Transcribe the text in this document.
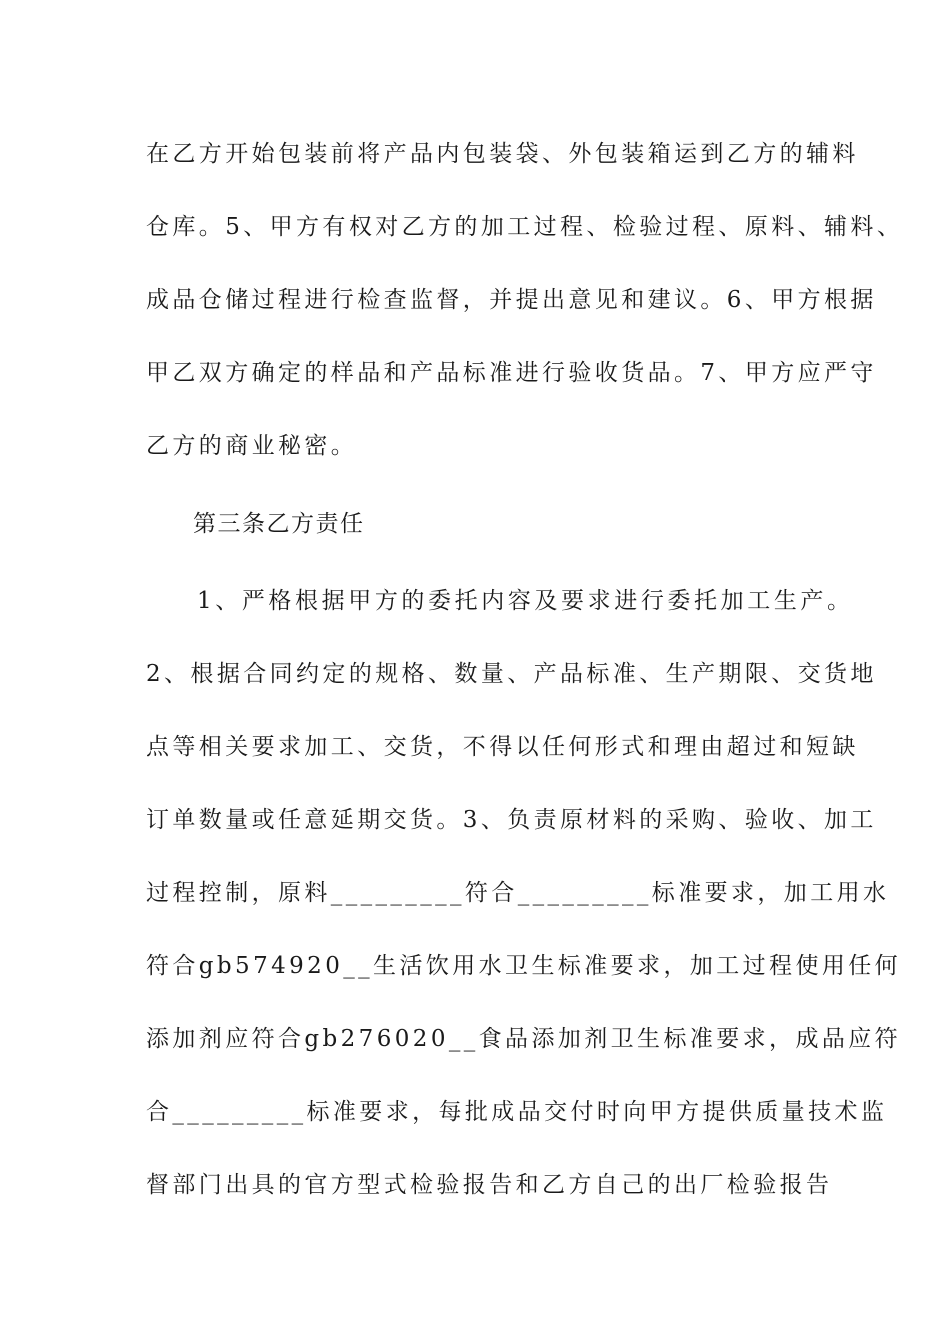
在乙方开始包装前将产品内包装袋、外包装箱运到乙方的辅料

仓库。5、甲方有权对乙方的加工过程、检验过程、原料、辅料、

成品仓储过程进行检查监督，并提出意见和建议。6、甲方根据

甲乙双方确定的样品和产品标准进行验收货品。7、甲方应严守

乙方的商业秘密。

第三条乙方责任

1、严格根据甲方的委托内容及要求进行委托加工生产。

2、根据合同约定的规格、数量、产品标准、生产期限、交货地

点等相关要求加工、交货，不得以任何形式和理由超过和短缺

订单数量或任意延期交货。3、负责原材料的采购、验收、加工

过程控制，原料_________符合_________标准要求，加工用水

符合gb574920__生活饮用水卫生标准要求，加工过程使用任何

添加剂应符合gb276020__食品添加剂卫生标准要求，成品应符

合_________标准要求，每批成品交付时向甲方提供质量技术监

督部门出具的官方型式检验报告和乙方自己的出厂检验报告
